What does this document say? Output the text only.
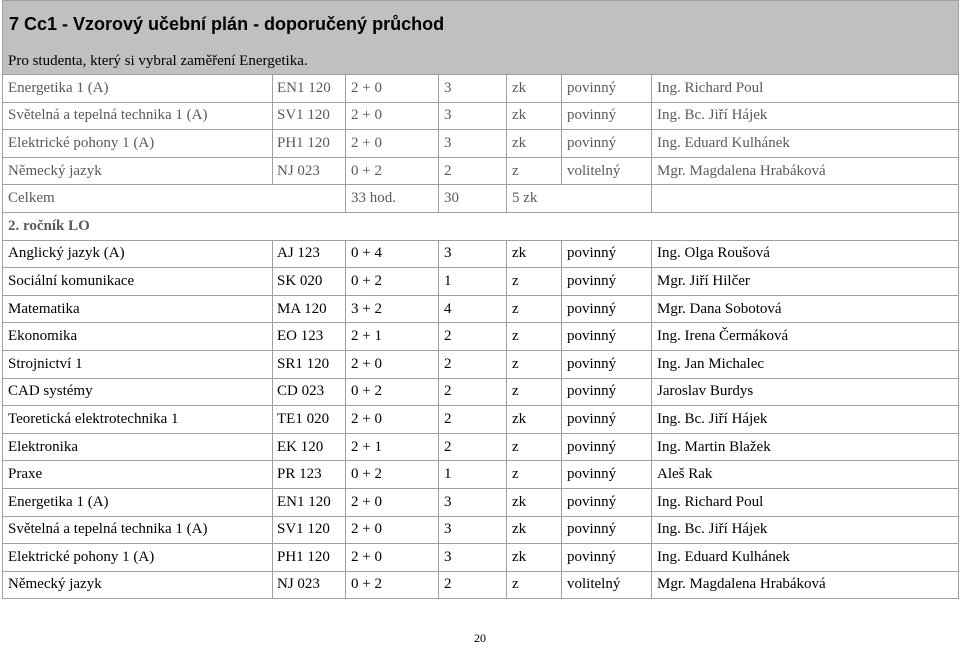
7 Cc1 - Vzorový učební plán - doporučený průchod						
Pro studenta, který si vybral zaměření Energetika.						
Energetika 1 (A)	EN1 120	2 + 0	3	zk	povinný	Ing. Richard Poul
Světelná a tepelná technika 1 (A)	SV1 120	2 + 0	3	zk	povinný	Ing. Bc. Jiří Hájek
Elektrické pohony 1 (A)	PH1 120	2 + 0	3	zk	povinný	Ing. Eduard Kulhánek
Německý jazyk	NJ 023	0 + 2	2	z	volitelný	Mgr. Magdalena Hrabáková
Celkem		33 hod.	30	5 zk		
2. ročník LO						
Anglický jazyk (A)	AJ 123	0 + 4	3	zk	povinný	Ing. Olga Roušová
Sociální komunikace	SK 020	0 + 2	1	z	povinný	Mgr. Jiří Hilčer
Matematika	MA 120	3 + 2	4	z	povinný	Mgr. Dana Sobotová
Ekonomika	EO 123	2 + 1	2	z	povinný	Ing. Irena Čermáková
Strojnictví 1	SR1 120	2 + 0	2	z	povinný	Ing. Jan Michalec
CAD systémy	CD 023	0 + 2	2	z	povinný	Jaroslav Burdys
Teoretická elektrotechnika 1	TE1 020	2 + 0	2	zk	povinný	Ing. Bc. Jiří Hájek
Elektronika	EK 120	2 + 1	2	z	povinný	Ing. Martin Blažek
Praxe	PR 123	0 + 2	1	z	povinný	Aleš Rak
Energetika 1 (A)	EN1 120	2 + 0	3	zk	povinný	Ing. Richard Poul
Světelná a tepelná technika 1 (A)	SV1 120	2 + 0	3	zk	povinný	Ing. Bc. Jiří Hájek
Elektrické pohony 1 (A)	PH1 120	2 + 0	3	zk	povinný	Ing. Eduard Kulhánek
Německý jazyk	NJ 023	0 + 2	2	z	volitelný	Mgr. Magdalena Hrabáková
20
